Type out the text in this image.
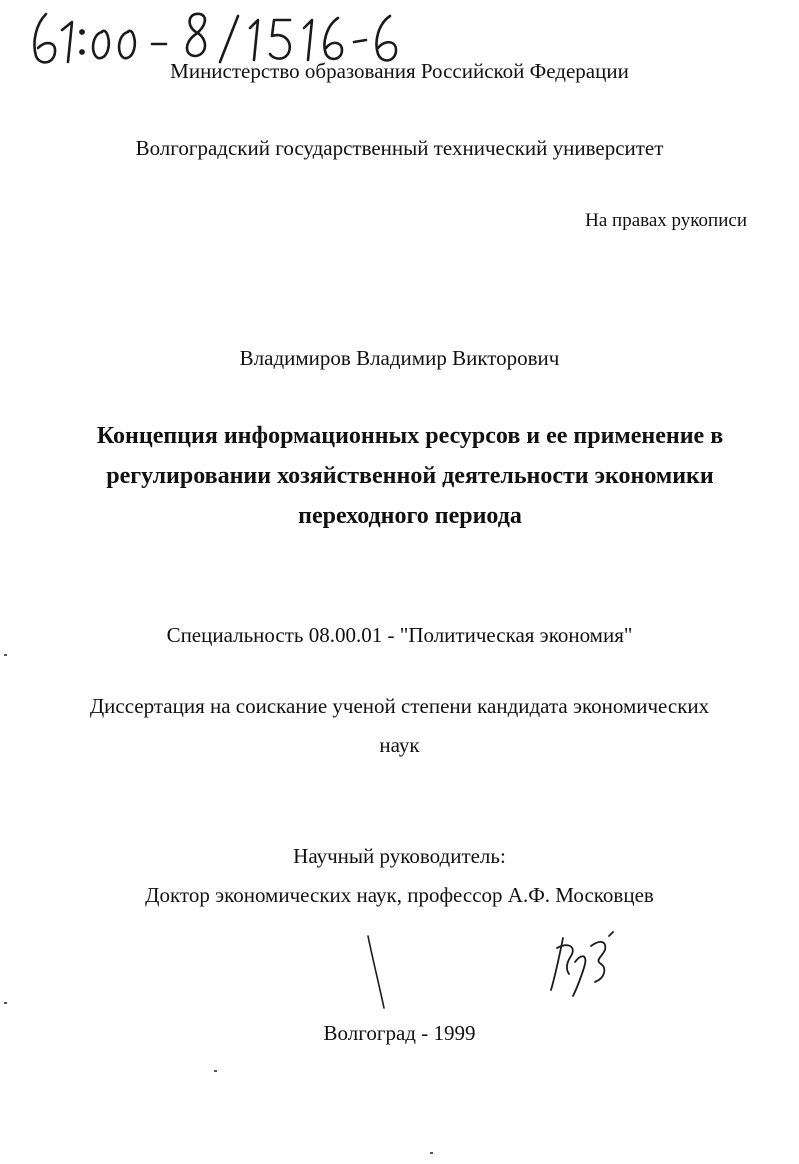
Министерство образования Российской Федерации
Волгоградский государственный технический университет
На правах рукописи
Владимиров Владимир Викторович
Концепция информационных ресурсов и ее применение в
регулировании хозяйственной деятельности экономики
переходного периода
Специальность 08.00.01 - "Политическая экономия"
Диссертация на соискание ученой степени кандидата экономических
наук
Научный руководитель:
Доктор экономических наук, профессор А.Ф. Московцев
Волгоград - 1999
